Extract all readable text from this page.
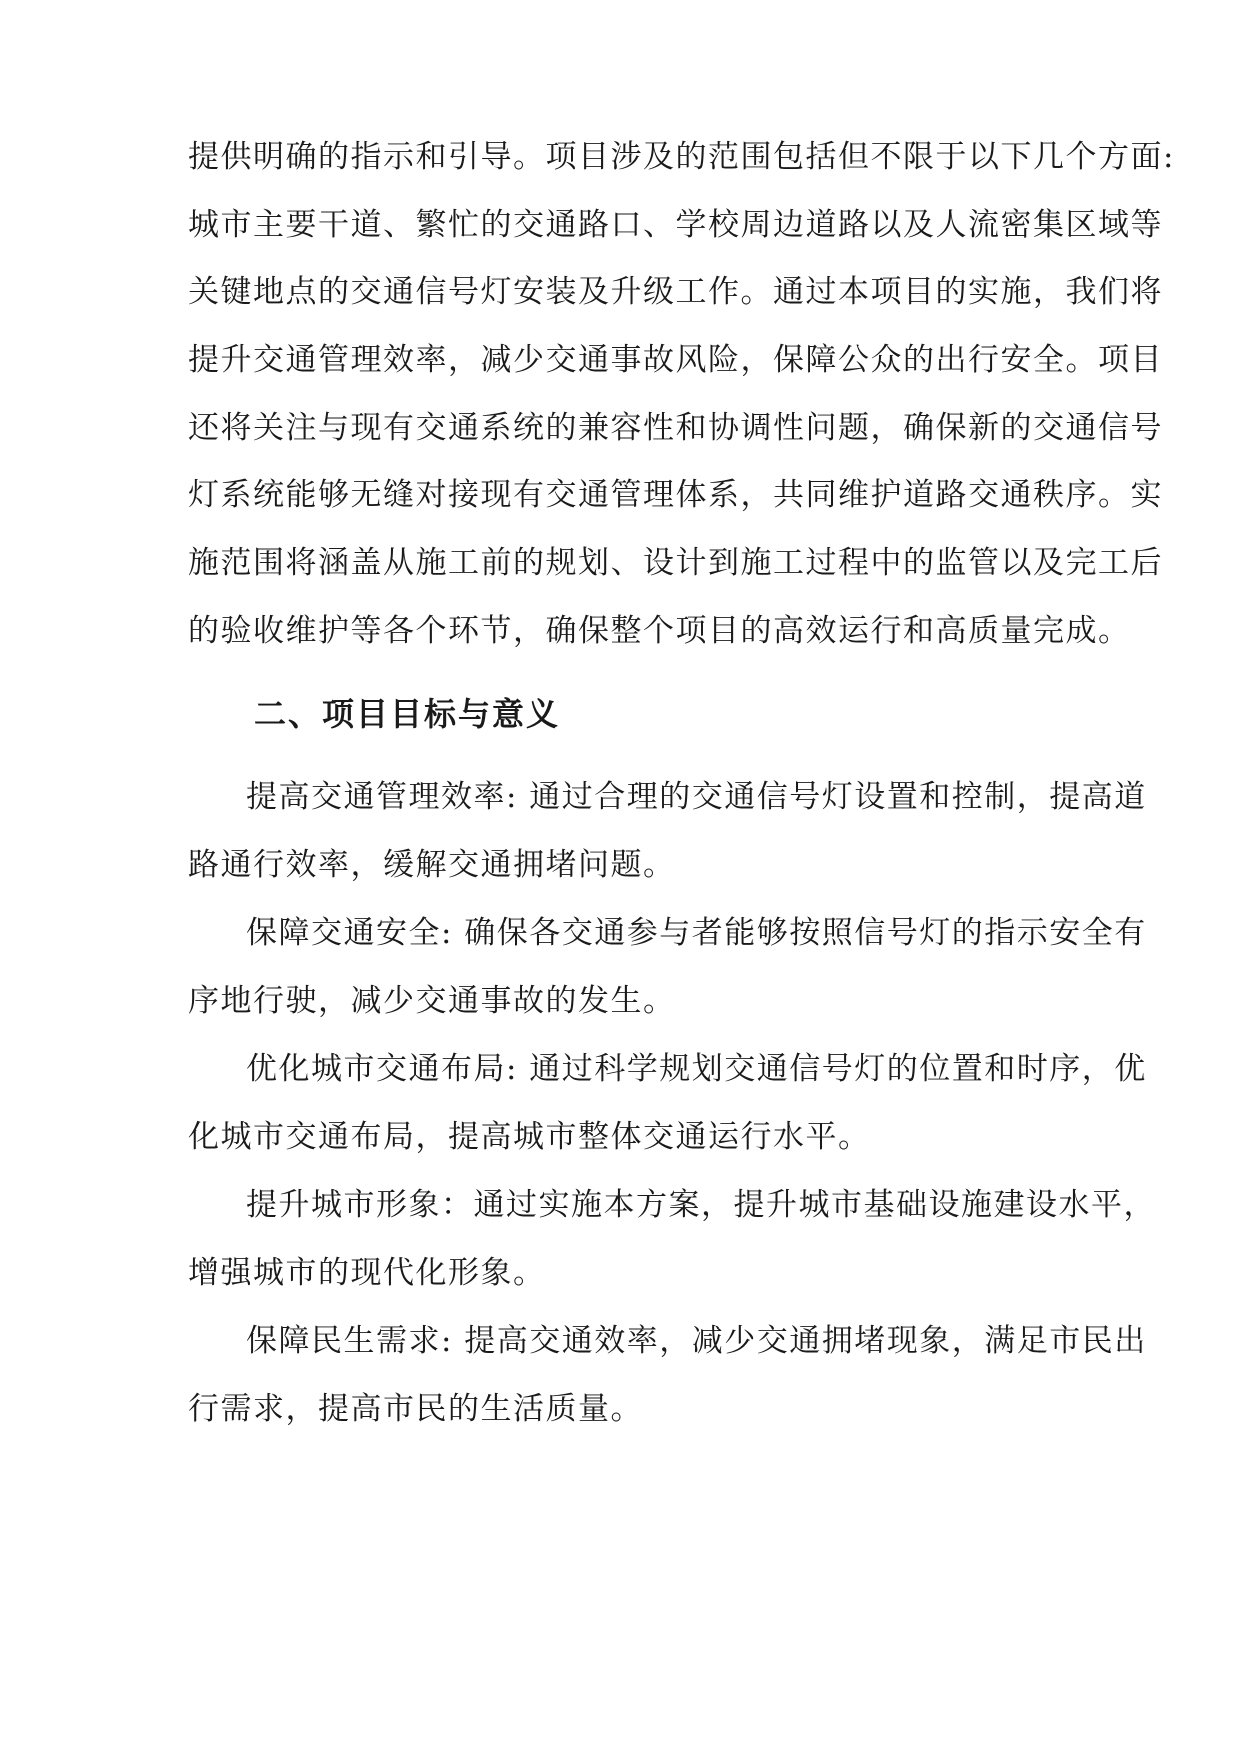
提供明确的指示和引导。项目涉及的范围包括但不限于以下几个方面:
城市主要干道、繁忙的交通路口、学校周边道路以及人流密集区域等
关键地点的交通信号灯安装及升级工作。通过本项目的实施，我们将
提升交通管理效率，减少交通事故风险，保障公众的出行安全。项目
还将关注与现有交通系统的兼容性和协调性问题，确保新的交通信号
灯系统能够无缝对接现有交通管理体系，共同维护道路交通秩序。实
施范围将涵盖从施工前的规划、设计到施工过程中的监管以及完工后
的验收维护等各个环节，确保整个项目的高效运行和高质量完成。
二、项目目标与意义
提高交通管理效率: 通过合理的交通信号灯设置和控制，提高道
路通行效率，缓解交通拥堵问题。
保障交通安全: 确保各交通参与者能够按照信号灯的指示安全有
序地行驶，减少交通事故的发生。
优化城市交通布局: 通过科学规划交通信号灯的位置和时序，优
化城市交通布局，提高城市整体交通运行水平。
提升城市形象：通过实施本方案，提升城市基础设施建设水平，
增强城市的现代化形象。
保障民生需求: 提高交通效率，减少交通拥堵现象，满足市民出
行需求，提高市民的生活质量。
